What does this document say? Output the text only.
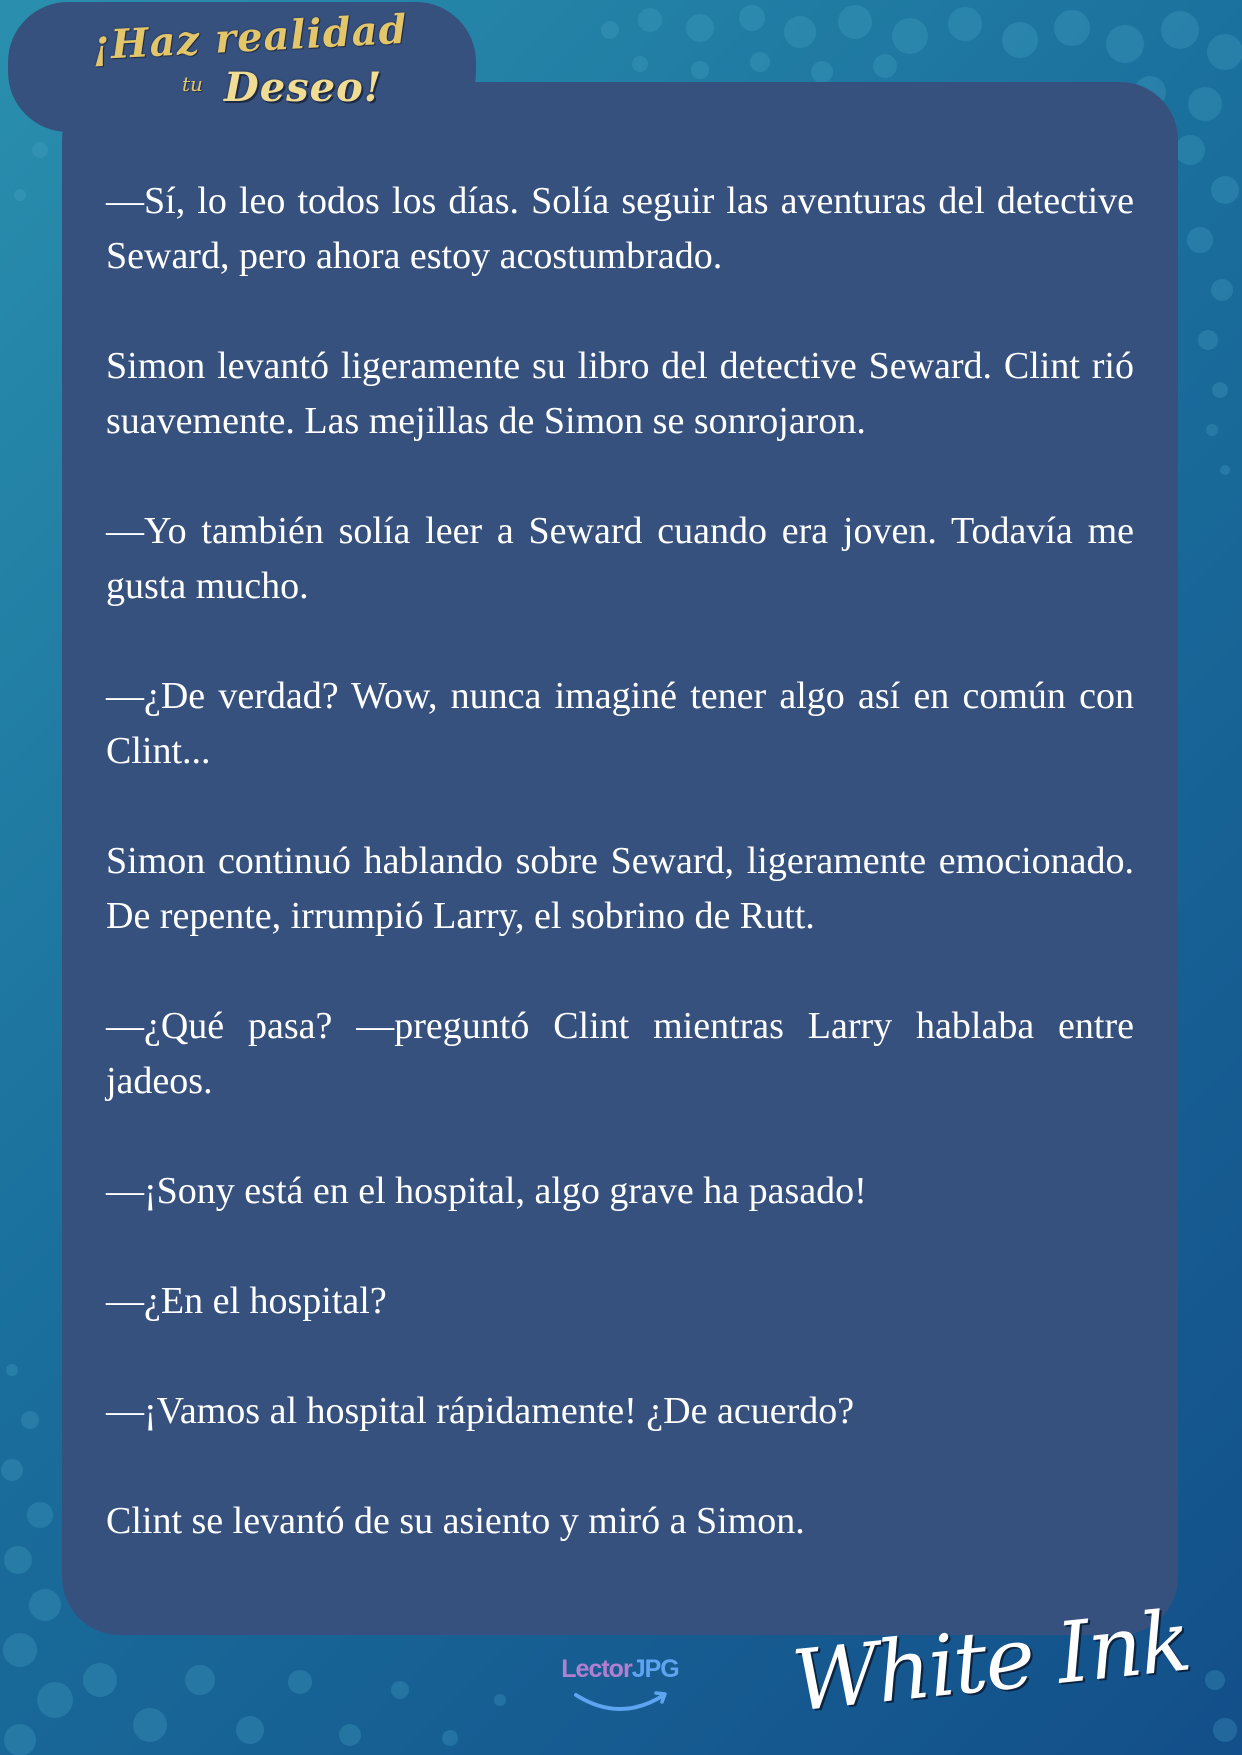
¡Haz realidad
tu Deseo!

—Sí, lo leo todos los días. Solía seguir las aventuras del detective Seward, pero ahora estoy acostumbrado.

Simon levantó ligeramente su libro del detective Seward. Clint rió suavemente. Las mejillas de Simon se sonrojaron.

—Yo también solía leer a Seward cuando era joven. Todavía me gusta mucho.

—¿De verdad? Wow, nunca imaginé tener algo así en común con Clint...

Simon continuó hablando sobre Seward, ligeramente emocionado. De repente, irrumpió Larry, el sobrino de Rutt.

—¿Qué pasa? —preguntó Clint mientras Larry hablaba entre jadeos.

—¡Sony está en el hospital, algo grave ha pasado!

—¿En el hospital?

—¡Vamos al hospital rápidamente! ¿De acuerdo?

Clint se levantó de su asiento y miró a Simon.

LectorJPG White Ink
